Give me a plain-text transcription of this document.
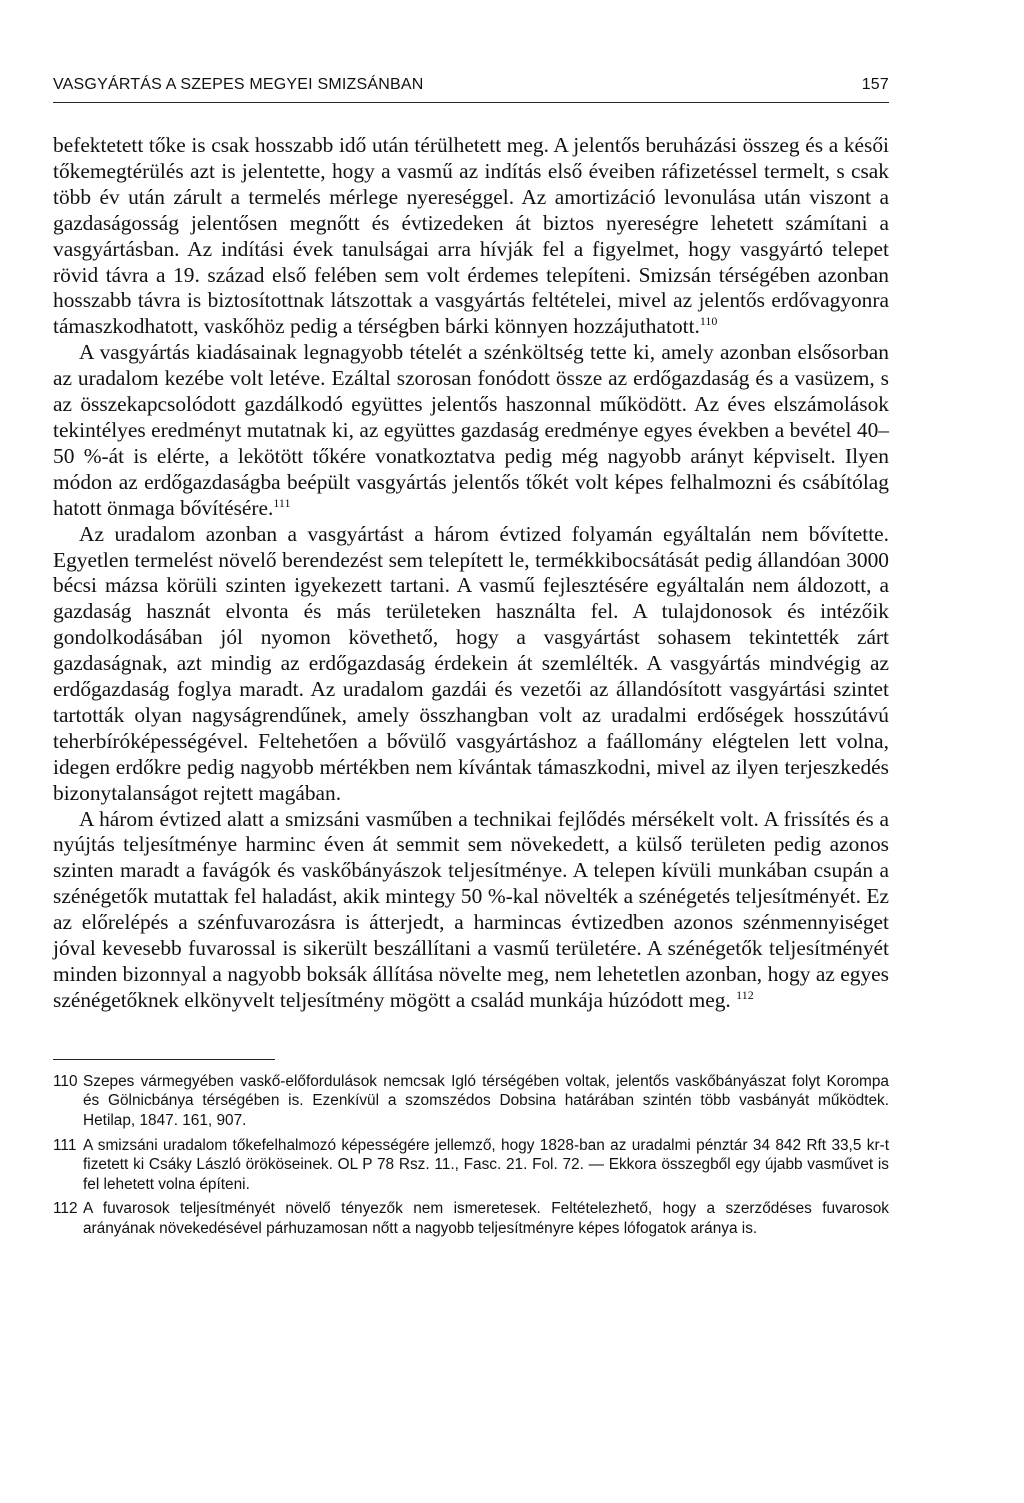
VASGYÁRTÁS A SZEPES MEGYEI SMIZSÁNBAN	157

befektetett tőke is csak hosszabb idő után térülhetett meg. A jelentős beruházási összeg és a késői tőkemegtérülés azt is jelentette, hogy a vasmű az indítás első éveiben ráfizetéssel termelt, s csak több év után zárult a termelés mérlege nyereséggel. Az amortizáció levonulása után viszont a gazdaságosság jelentősen megnőtt és évtizedeken át biztos nyereségre lehetett számítani a vasgyártásban. Az indítási évek tanulságai arra hívják fel a figyelmet, hogy vasgyártó telepet rövid távra a 19. század első felében sem volt érdemes telepíteni. Smizsán térségében azonban hosszabb távra is biztosítottnak látszottak a vasgyártás feltételei, mivel az jelentős erdővagyonra támaszkodhatott, vaskőhöz pedig a térségben bárki könnyen hozzájuthatott.$^{110}$

A vasgyártás kiadásainak legnagyobb tételét a szénköltség tette ki, amely azonban elsősorban az uradalom kezébe volt letéve. Ezáltal szorosan fonódott össze az erdőgazdaság és a vasüzem, s az összekapcsolódott gazdálkodó együttes jelentős haszonnal működött. Az éves elszámolások tekintélyes eredményt mutatnak ki, az együttes gazdaság eredménye egyes években a bevétel 40–50 %-át is elérte, a lekötött tőkére vonatkoztatva pedig még nagyobb arányt képviselt. Ilyen módon az erdőgazdaságba beépült vasgyártás jelentős tőkét volt képes felhalmozni és csábítólag hatott önmaga bővítésére.$^{111}$

Az uradalom azonban a vasgyártást a három évtized folyamán egyáltalán nem bővítette. Egyetlen termelést növelő berendezést sem telepített le, termékkibocsátását pedig állandóan 3000 bécsi mázsa körüli szinten igyekezett tartani. A vasmű fejlesztésére egyáltalán nem áldozott, a gazdaság hasznát elvonta és más területeken használta fel. A tulajdonosok és intézőik gondolkodásában jól nyomon követhető, hogy a vasgyártást sohasem tekintették zárt gazdaságnak, azt mindig az erdőgazdaság érdekein át szemlélték. A vasgyártás mindvégig az erdőgazdaság foglya maradt. Az uradalom gazdái és vezetői az állandósított vasgyártási szintet tartották olyan nagyságrendűnek, amely összhangban volt az uradalmi erdőségek hosszútávú teherbíróképességével. Feltehetően a bővülő vasgyártáshoz a faállomány elégtelen lett volna, idegen erdőkre pedig nagyobb mértékben nem kívántak támaszkodni, mivel az ilyen terjeszkedés bizonytalanságot rejtett magában.

A három évtized alatt a smizsáni vasműben a technikai fejlődés mérsékelt volt. A frissítés és a nyújtás teljesítménye harminc éven át semmit sem növekedett, a külső területen pedig azonos szinten maradt a favágók és vaskőbányászok teljesítménye. A telepen kívüli munkában csupán a szénégetők mutattak fel haladást, akik mintegy 50 %-kal növelték a szénégetés teljesítményét. Ez az előrelépés a szénfuvarozásra is átterjedt, a harmincas évtizedben azonos szénmennyiséget jóval kevesebb fuvarossal is sikerült beszállítani a vasmű területére. A szénégetők teljesítményét minden bizonnyal a nagyobb boksák állítása növelte meg, nem lehetetlen azonban, hogy az egyes szénégetőknek elkönyvelt teljesítmény mögött a család munkája húzódott meg. $^{112}$

110 Szepes vármegyében vaskő-előfordulások nemcsak Igló térségében voltak, jelentős vaskőbányászat folyt Korompa és Gölnicbánya térségében is. Ezenkívül a szomszédos Dobsina határában szintén több vasbányát működtek. Hetilap, 1847. 161, 907.
111 A smizsáni uradalom tőkefelhalmozó képességére jellemző, hogy 1828-ban az uradalmi pénztár 34 842 Rft 33,5 kr-t fizetett ki Csáky László örököseinek. OL P 78 Rsz. 11., Fasc. 21. Fol. 72. — Ekkora összegből egy újabb vasművet is fel lehetett volna építeni.
112 A fuvarosok teljesítményét növelő tényezők nem ismeretesek. Feltételezhető, hogy a szerződéses fuvarosok arányának növekedésével párhuzamosan nőtt a nagyobb teljesítményre képes lófogatok aránya is.
